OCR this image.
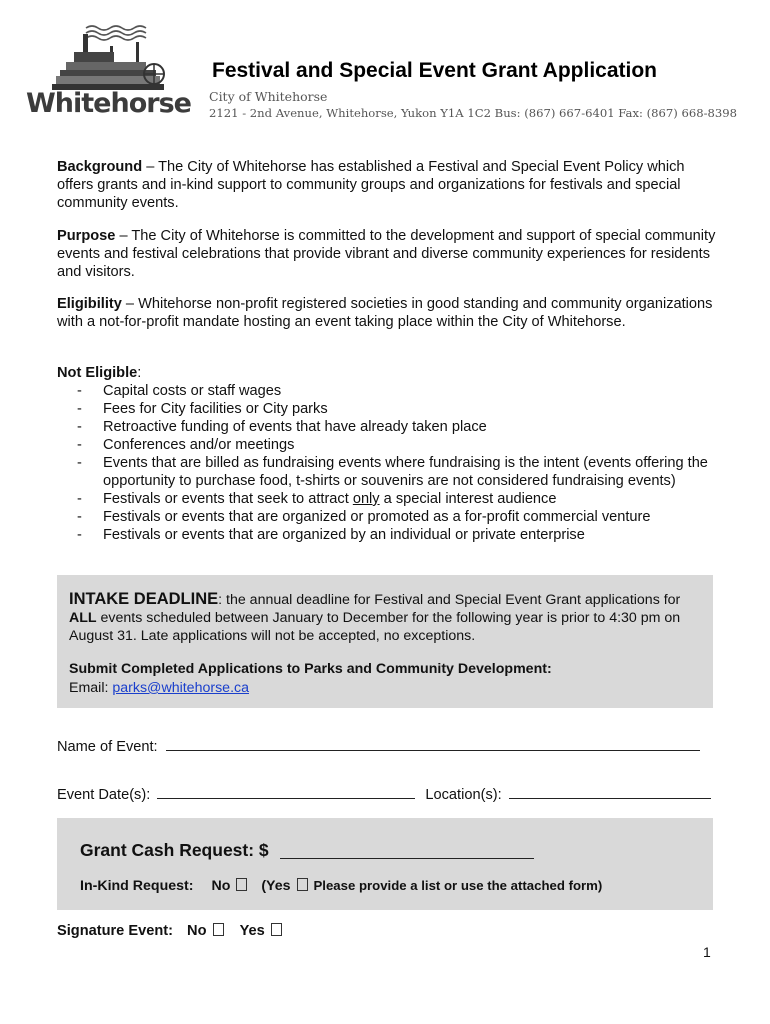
Whitehorse
Festival and Special Event Grant Application
City of Whitehorse
2121 - 2nd Avenue, Whitehorse, Yukon Y1A 1C2 Bus: (867) 667-6401 Fax: (867) 668-8398
Background – The City of Whitehorse has established a Festival and Special Event Policy which offers grants and in-kind support to community groups and organizations for festivals and special community events.
Purpose – The City of Whitehorse is committed to the development and support of special community events and festival celebrations that provide vibrant and diverse community experiences for residents and visitors.
Eligibility – Whitehorse non-profit registered societies in good standing and community organizations with a not-for-profit mandate hosting an event taking place within the City of Whitehorse.
Not Eligible:
- Capital costs or staff wages
- Fees for City facilities or City parks
- Retroactive funding of events that have already taken place
- Conferences and/or meetings
- Events that are billed as fundraising events where fundraising is the intent (events offering the opportunity to purchase food, t-shirts or souvenirs are not considered fundraising events)
- Festivals or events that seek to attract only a special interest audience
- Festivals or events that are organized or promoted as a for-profit commercial venture
- Festivals or events that are organized by an individual or private enterprise
INTAKE DEADLINE: the annual deadline for Festival and Special Event Grant applications for ALL events scheduled between January to December for the following year is prior to 4:30 pm on August 31. Late applications will not be accepted, no exceptions.
Submit Completed Applications to Parks and Community Development:
Email: parks@whitehorse.ca
Name of Event:
Event Date(s):	Location(s):
Grant Cash Request: $
In-Kind Request: No (Yes Please provide a list or use the attached form)
Signature Event: No Yes
1
